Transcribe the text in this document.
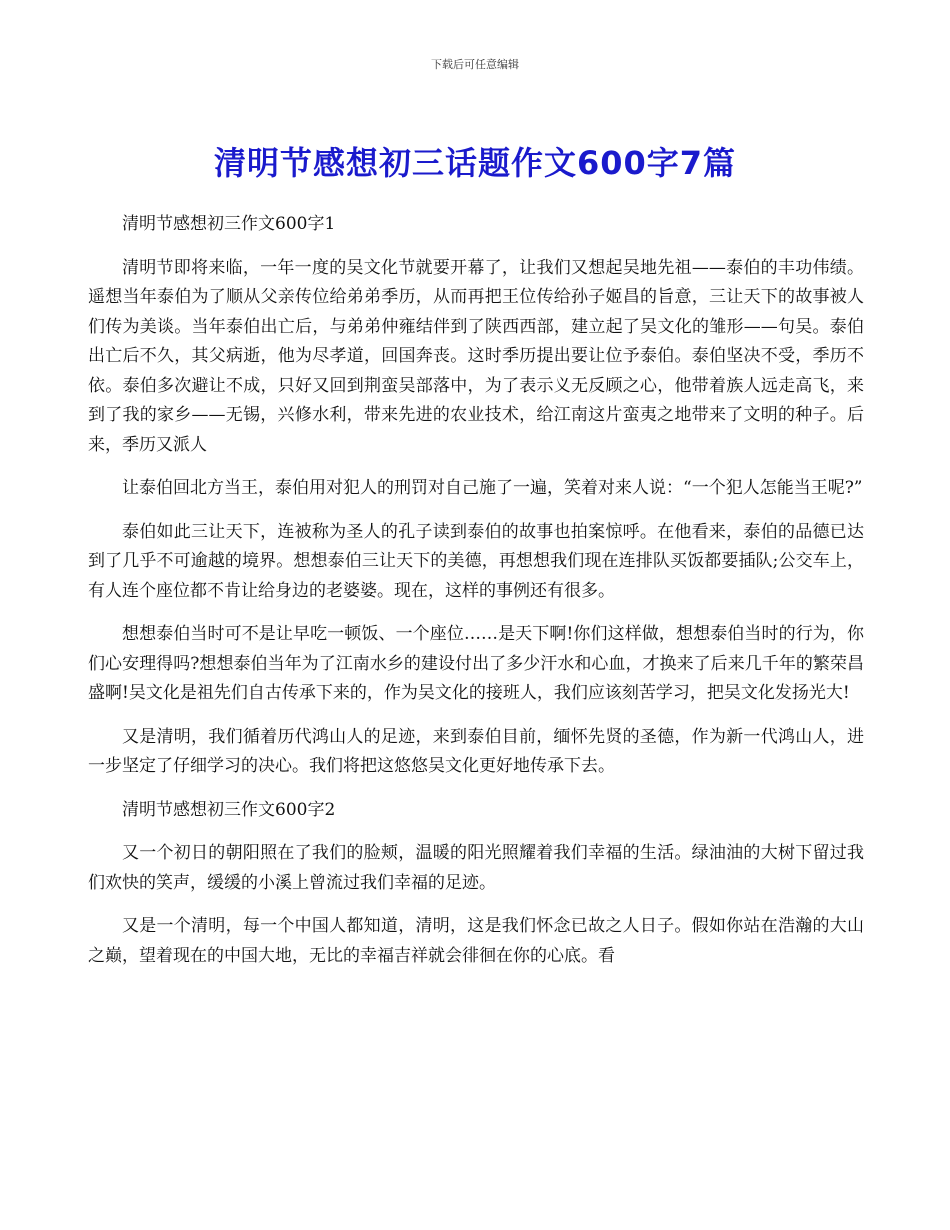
下载后可任意编辑
清明节感想初三话题作文600字7篇

清明节感想初三作文600字1

清明节即将来临，一年一度的吴文化节就要开幕了，让我们又想起吴地先祖——泰伯的丰功伟绩。遥想当年泰伯为了顺从父亲传位给弟弟季历，从而再把王位传给孙子姬昌的旨意，三让天下的故事被人们传为美谈。当年泰伯出亡后，与弟弟仲雍结伴到了陕西西部，建立起了吴文化的雏形——句吴。泰伯出亡后不久，其父病逝，他为尽孝道，回国奔丧。这时季历提出要让位予泰伯。泰伯坚决不受，季历不依。泰伯多次避让不成，只好又回到荆蛮吴部落中，为了表示义无反顾之心，他带着族人远走高飞，来到了我的家乡——无锡，兴修水利，带来先进的农业技术，给江南这片蛮夷之地带来了文明的种子。后来，季历又派人

让泰伯回北方当王，泰伯用对犯人的刑罚对自己施了一遍，笑着对来人说：“一个犯人怎能当王呢?”

泰伯如此三让天下，连被称为圣人的孔子读到泰伯的故事也拍案惊呼。在他看来，泰伯的品德已达到了几乎不可逾越的境界。想想泰伯三让天下的美德，再想想我们现在连排队买饭都要插队;公交车上，有人连个座位都不肯让给身边的老婆婆。现在，这样的事例还有很多。

想想泰伯当时可不是让早吃一顿饭、一个座位……是天下啊!你们这样做，想想泰伯当时的行为，你们心安理得吗?想想泰伯当年为了江南水乡的建设付出了多少汗水和心血，才换来了后来几千年的繁荣昌盛啊!吴文化是祖先们自古传承下来的，作为吴文化的接班人，我们应该刻苦学习，把吴文化发扬光大!

又是清明，我们循着历代鸿山人的足迹，来到泰伯目前，缅怀先贤的圣德，作为新一代鸿山人，进一步坚定了仔细学习的决心。我们将把这悠悠吴文化更好地传承下去。

清明节感想初三作文600字2

又一个初日的朝阳照在了我们的脸颊，温暖的阳光照耀着我们幸福的生活。绿油油的大树下留过我们欢快的笑声，缓缓的小溪上曾流过我们幸福的足迹。

又是一个清明，每一个中国人都知道，清明，这是我们怀念已故之人日子。假如你站在浩瀚的大山之巅，望着现在的中国大地，无比的幸福吉祥就会徘徊在你的心底。看
